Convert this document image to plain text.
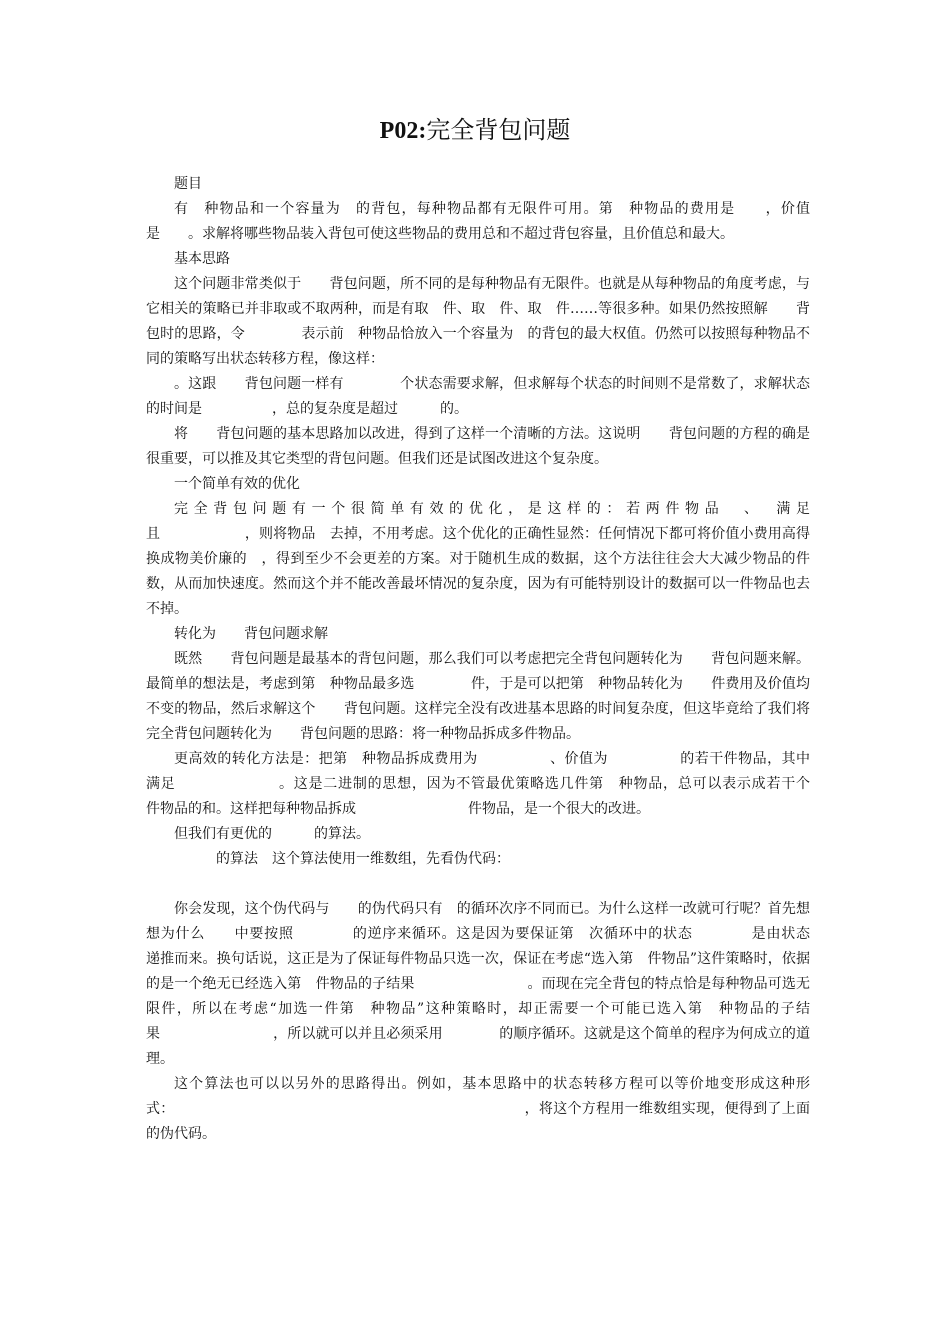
P02:完全背包问题
题目

有　种物品和一个容量为　的背包，每种物品都有无限件可用。第　种物品的费用是　　，价值是　　。求解将哪些物品装入背包可使这些物品的费用总和不超过背包容量，且价值总和最大。

基本思路

这个问题非常类似于　　背包问题，所不同的是每种物品有无限件。也就是从每种物品的角度考虑，与它相关的策略已并非取或不取两种，而是有取　件、取　件、取　件……等很多种。如果仍然按照解　　背包时的思路，令　　　　表示前　种物品恰放入一个容量为　的背包的最大权值。仍然可以按照每种物品不同的策略写出状态转移方程，像这样：

。这跟　　背包问题一样有　　　　个状态需要求解，但求解每个状态的时间则不是常数了，求解状态　　　　的时间是　　　　　，总的复杂度是超过　　　的。

将　　背包问题的基本思路加以改进，得到了这样一个清晰的方法。这说明　　背包问题的方程的确是很重要，可以推及其它类型的背包问题。但我们还是试图改进这个复杂度。

一个简单有效的优化

完全背包问题有一个很简单有效的优化，是这样的：若两件物品　、　满足　　　　　　且　　　　　　，则将物品　去掉，不用考虑。这个优化的正确性显然：任何情况下都可将价值小费用高得　换成物美价廉的　，得到至少不会更差的方案。对于随机生成的数据，这个方法往往会大大减少物品的件数，从而加快速度。然而这个并不能改善最坏情况的复杂度，因为有可能特别设计的数据可以一件物品也去不掉。

转化为　　背包问题求解

既然　　背包问题是最基本的背包问题，那么我们可以考虑把完全背包问题转化为　　背包问题来解。最简单的想法是，考虑到第　种物品最多选　　　　件，于是可以把第　种物品转化为　　件费用及价值均不变的物品，然后求解这个　　背包问题。这样完全没有改进基本思路的时间复杂度，但这毕竟给了我们将完全背包问题转化为　　背包问题的思路：将一种物品拆成多件物品。

更高效的转化方法是：把第　种物品拆成费用为　　　　　、价值为　　　　　的若干件物品，其中　满足　　　　　　　。这是二进制的思想，因为不管最优策略选几件第　种物品，总可以表示成若干个　　件物品的和。这样把每种物品拆成　　　　　　　　件物品，是一个很大的改进。

但我们有更优的　　　的算法。

　　　的算法　这个算法使用一维数组，先看伪代码：

你会发现，这个伪代码与　　的伪代码只有　的循环次序不同而已。为什么这样一改就可行呢？首先想想为什么　　中要按照　　　　的逆序来循环。这是因为要保证第　次循环中的状态　　　　是由状态　　　　　　　　　递推而来。换句话说，这正是为了保证每件物品只选一次，保证在考虑“选入第　件物品”这件策略时，依据的是一个绝无已经选入第　件物品的子结果　　　　　　　　。而现在完全背包的特点恰是每种物品可选无限件，所以在考虑“加选一件第　种物品”这种策略时，却正需要一个可能已选入第　种物品的子结果　　　　　　　　，所以就可以并且必须采用　　　　的顺序循环。这就是这个简单的程序为何成立的道理。

这个算法也可以以另外的思路得出。例如，基本思路中的状态转移方程可以等价地变形成这种形式：　　　　　　　　　　　　　　　　　　　　　　　　　，将这个方程用一维数组实现，便得到了上面的伪代码。
